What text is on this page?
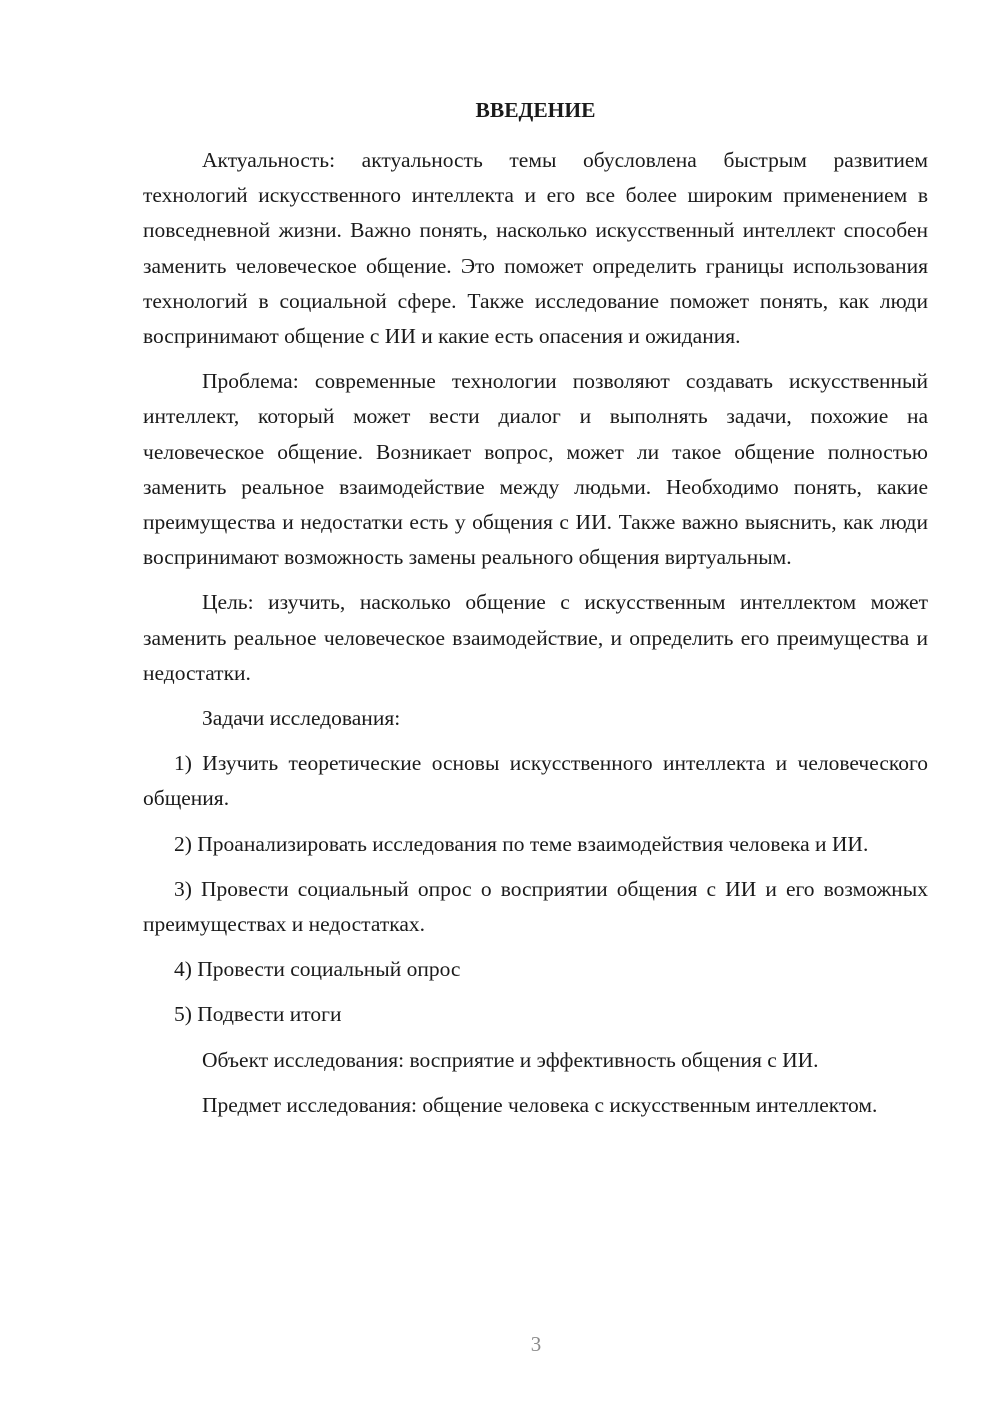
ВВЕДЕНИЕ

Актуальность: актуальность темы обусловлена быстрым развитием технологий искусственного интеллекта и его все более широким применением в повседневной жизни. Важно понять, насколько искусственный интеллект способен заменить человеческое общение. Это поможет определить границы использования технологий в социальной сфере. Также исследование поможет понять, как люди воспринимают общение с ИИ и какие есть опасения и ожидания.

Проблема: современные технологии позволяют создавать искусственный интеллект, который может вести диалог и выполнять задачи, похожие на человеческое общение. Возникает вопрос, может ли такое общение полностью заменить реальное взаимодействие между людьми. Необходимо понять, какие преимущества и недостатки есть у общения с ИИ. Также важно выяснить, как люди воспринимают возможность замены реального общения виртуальным.

Цель: изучить, насколько общение с искусственным интеллектом может заменить реальное человеческое взаимодействие, и определить его преимущества и недостатки.

Задачи исследования:

1) Изучить теоретические основы искусственного интеллекта и человеческого общения.

2) Проанализировать исследования по теме взаимодействия человека и ИИ.

3) Провести социальный опрос о восприятии общения с ИИ и его возможных преимуществах и недостатках.

4) Провести социальный опрос

5) Подвести итоги

Объект исследования: восприятие и эффективность общения с ИИ.

Предмет исследования: общение человека с искусственным интеллектом.

3
